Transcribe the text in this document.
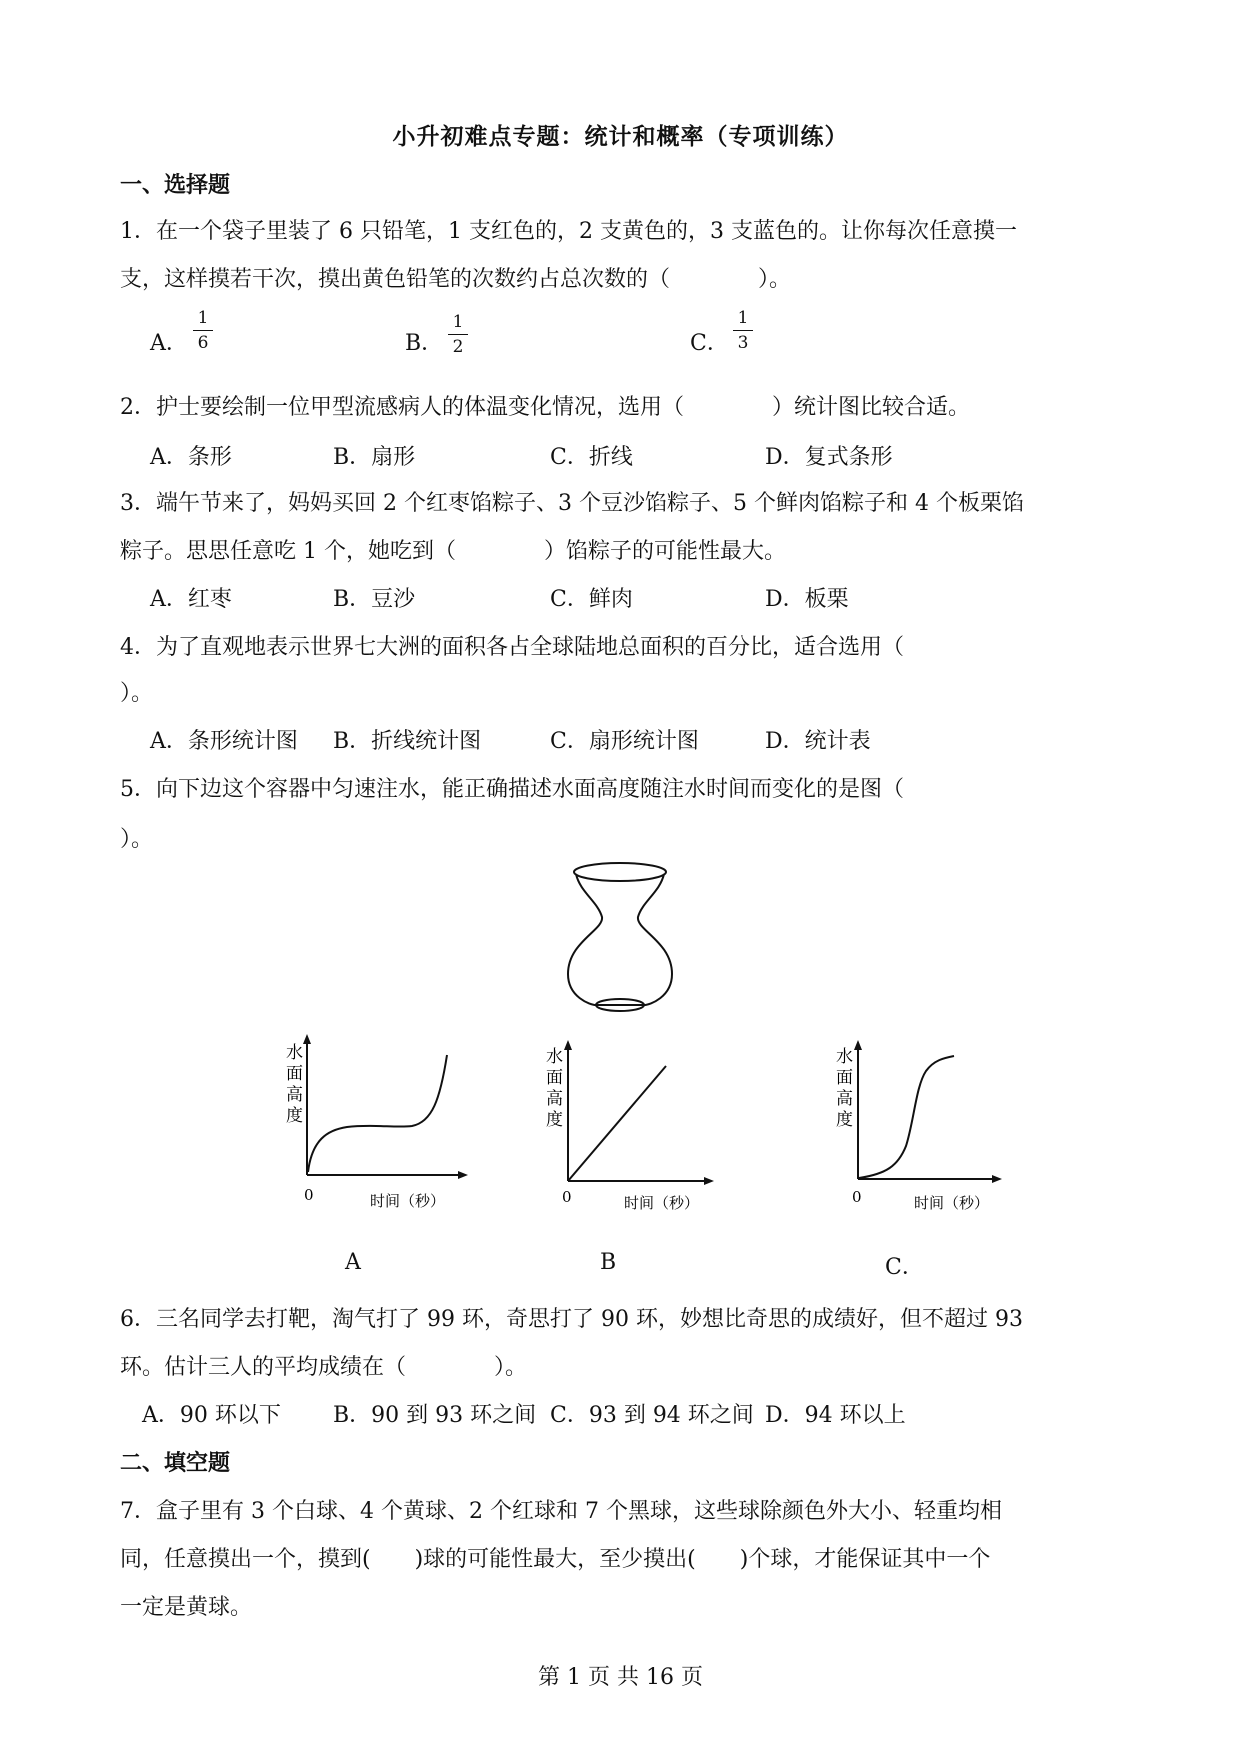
小升初难点专题：统计和概率（专项训练）
一、选择题
1．在一个袋子里装了 6 只铅笔，1 支红色的，2 支黄色的，3 支蓝色的。让你每次任意摸一
支，这样摸若干次，摸出黄色铅笔的次数约占总次数的（　　　　）。
A．
1
6	B．
1
2	C．
1
3
2．护士要绘制一位甲型流感病人的体温变化情况，选用（　　　　）统计图比较合适。
A．条形	B．扇形	C．折线	D．复式条形
3．端午节来了，妈妈买回 2 个红枣馅粽子、3 个豆沙馅粽子、5 个鲜肉馅粽子和 4 个板栗馅
粽子。思思任意吃 1 个，她吃到（　　　　）馅粽子的可能性最大。
A．红枣	B．豆沙	C．鲜肉	D．板栗
4．为了直观地表示世界七大洲的面积各占全球陆地总面积的百分比，适合选用（
）。
A．条形统计图 B．折线统计图	C．扇形统计图	D．统计表
5．向下边这个容器中匀速注水，能正确描述水面高度随注水时间而变化的是图（
）。
水
面
高
度
0	时间（秒）
A
水
面
高
度
0	时间（秒）
B
水
面
高
度
0	时间（秒）
C．
6．三名同学去打靶，淘气打了 99 环，奇思打了 90 环，妙想比奇思的成绩好，但不超过 93
环。估计三人的平均成绩在（　　　　）。
A．90 环以下 B．90 到 93 环之间 C．93 到 94 环之间 D．94 环以上
二、填空题
7．盒子里有 3 个白球、4 个黄球、2 个红球和 7 个黑球，这些球除颜色外大小、轻重均相
同，任意摸出一个，摸到(　　)球的可能性最大，至少摸出(　　)个球，才能保证其中一个
一定是黄球。
第 1 页 共 16 页
